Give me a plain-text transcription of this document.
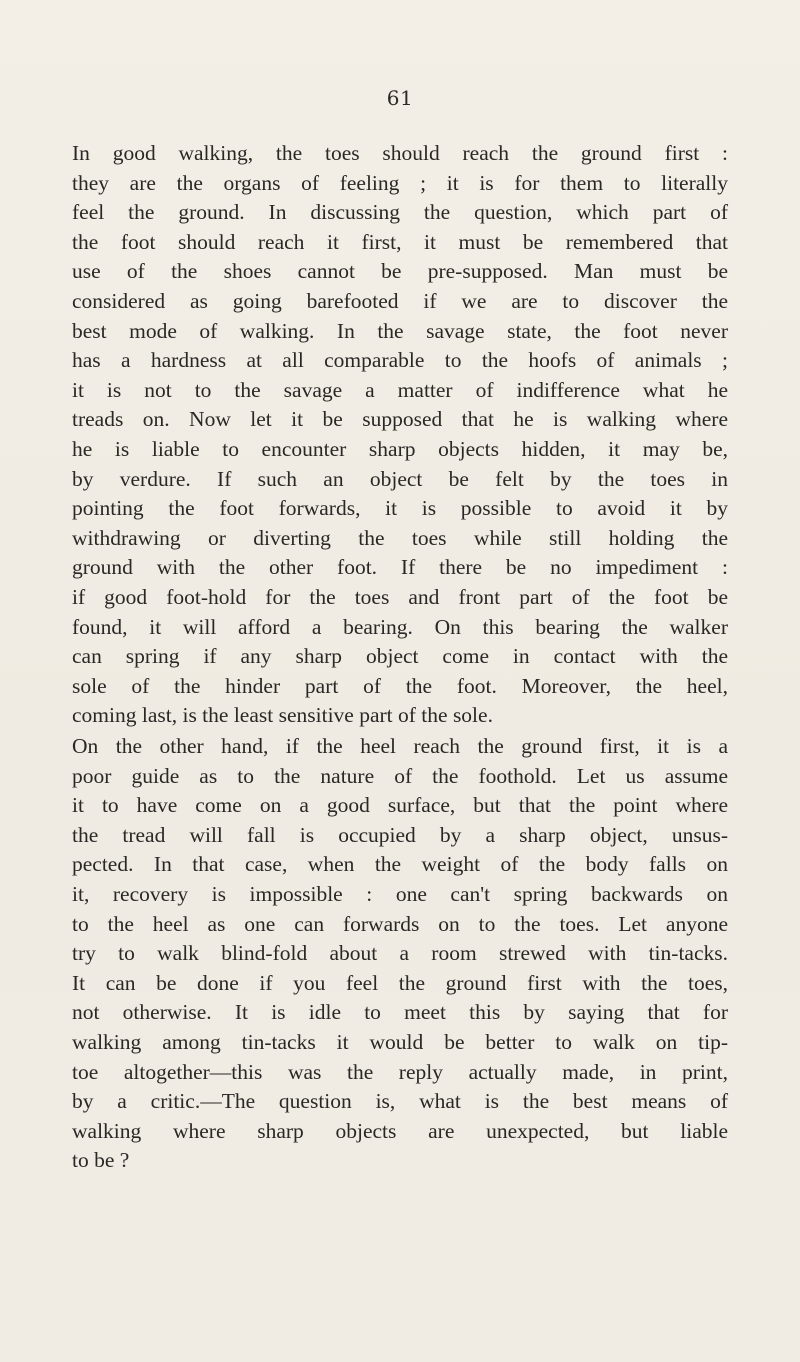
61
In good walking, the toes should reach the ground first :
they are the organs of feeling ; it is for them to literally
feel the ground. In discussing the question, which part of
the foot should reach it first, it must be remembered that
use of the shoes cannot be pre-supposed. Man must be
considered as going barefooted if we are to discover the
best mode of walking. In the savage state, the foot never
has a hardness at all comparable to the hoofs of animals ;
it is not to the savage a matter of indifference what he
treads on. Now let it be supposed that he is walking where
he is liable to encounter sharp objects hidden, it may be,
by verdure. If such an object be felt by the toes in
pointing the foot forwards, it is possible to avoid it by
withdrawing or diverting the toes while still holding the
ground with the other foot. If there be no impediment :
if good foot-hold for the toes and front part of the foot be
found, it will afford a bearing. On this bearing the walker
can spring if any sharp object come in contact with the
sole of the hinder part of the foot. Moreover, the heel,
coming last, is the least sensitive part of the sole.
On the other hand, if the heel reach the ground first, it is a
poor guide as to the nature of the foothold. Let us assume
it to have come on a good surface, but that the point where
the tread will fall is occupied by a sharp object, unsus-
pected. In that case, when the weight of the body falls on
it, recovery is impossible : one can't spring backwards on
to the heel as one can forwards on to the toes. Let anyone
try to walk blind-fold about a room strewed with tin-tacks.
It can be done if you feel the ground first with the toes,
not otherwise. It is idle to meet this by saying that for
walking among tin-tacks it would be better to walk on tip-
toe altogether—this was the reply actually made, in print,
by a critic.—The question is, what is the best means of
walking where sharp objects are unexpected, but liable
to be ?
